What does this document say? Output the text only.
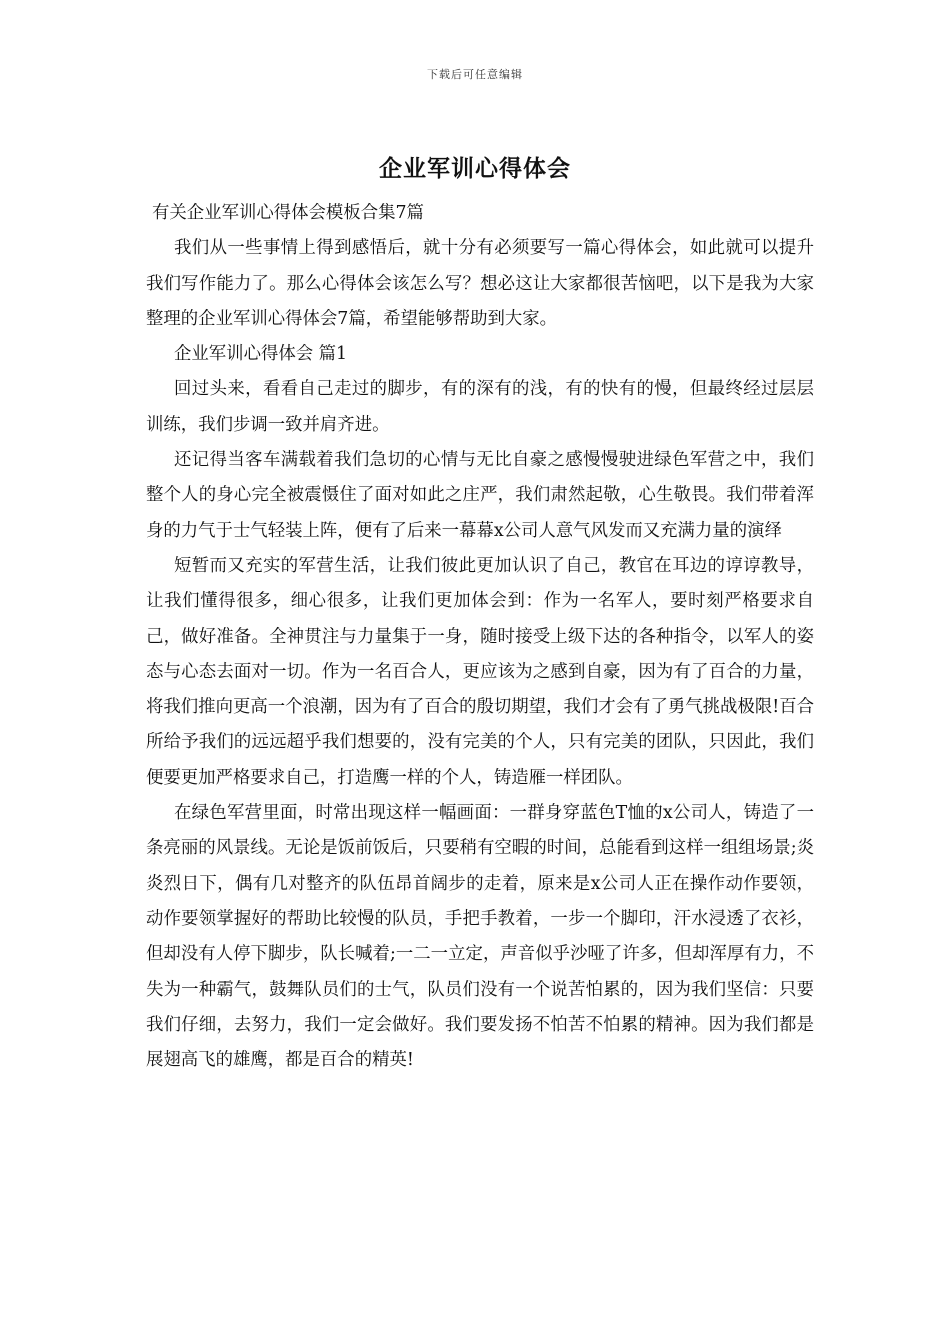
下载后可任意编辑
企业军训心得体会

有关企业军训心得体会模板合集7篇

我们从一些事情上得到感悟后，就十分有必须要写一篇心得体会，如此就可以提升我们写作能力了。那么心得体会该怎么写？想必这让大家都很苦恼吧，以下是我为大家整理的企业军训心得体会7篇，希望能够帮助到大家。

企业军训心得体会 篇1

回过头来，看看自己走过的脚步，有的深有的浅，有的快有的慢，但最终经过层层训练，我们步调一致并肩齐进。

还记得当客车满载着我们急切的心情与无比自豪之感慢慢驶进绿色军营之中，我们整个人的身心完全被震慑住了面对如此之庄严，我们肃然起敬，心生敬畏。我们带着浑身的力气于士气轻装上阵，便有了后来一幕幕x公司人意气风发而又充满力量的演绎

短暂而又充实的军营生活，让我们彼此更加认识了自己，教官在耳边的谆谆教导，让我们懂得很多，细心很多，让我们更加体会到：作为一名军人，要时刻严格要求自己，做好准备。全神贯注与力量集于一身，随时接受上级下达的各种指令，以军人的姿态与心态去面对一切。作为一名百合人，更应该为之感到自豪，因为有了百合的力量，将我们推向更高一个浪潮，因为有了百合的殷切期望，我们才会有了勇气挑战极限!百合所给予我们的远远超乎我们想要的，没有完美的个人，只有完美的团队，只因此，我们便要更加严格要求自己，打造鹰一样的个人，铸造雁一样团队。

在绿色军营里面，时常出现这样一幅画面：一群身穿蓝色T恤的x公司人，铸造了一条亮丽的风景线。无论是饭前饭后，只要稍有空暇的时间，总能看到这样一组组场景;炎炎烈日下，偶有几对整齐的队伍昂首阔步的走着，原来是x公司人正在操作动作要领，动作要领掌握好的帮助比较慢的队员，手把手教着，一步一个脚印，汗水浸透了衣衫，但却没有人停下脚步，队长喊着;一二一立定，声音似乎沙哑了许多，但却浑厚有力，不失为一种霸气，鼓舞队员们的士气，队员们没有一个说苦怕累的，因为我们坚信：只要我们仔细，去努力，我们一定会做好。我们要发扬不怕苦不怕累的精神。因为我们都是展翅高飞的雄鹰，都是百合的精英!
